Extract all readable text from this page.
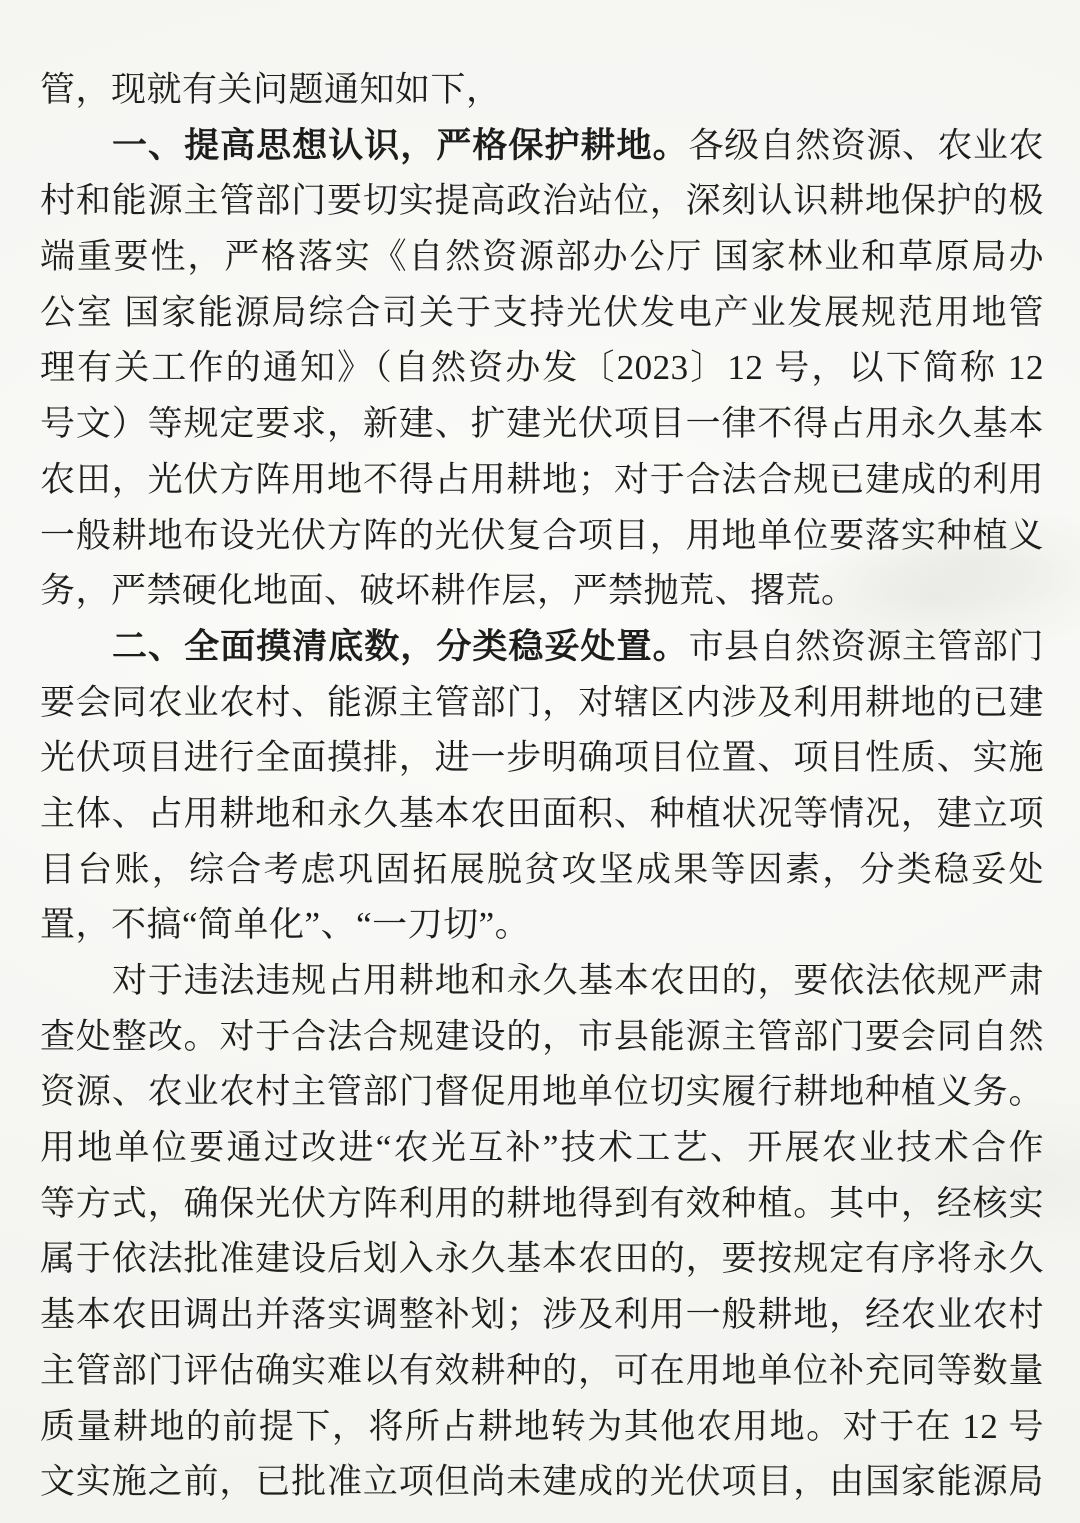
管，现就有关问题通知如下，
一、提高思想认识，严格保护耕地。各级自然资源、农业农
村和能源主管部门要切实提高政治站位，深刻认识耕地保护的极
端重要性，严格落实《自然资源部办公厅 国家林业和草原局办
公室 国家能源局综合司关于支持光伏发电产业发展规范用地管
理有关工作的通知》（自然资办发〔2023〕12 号，以下简称 12
号文）等规定要求，新建、扩建光伏项目一律不得占用永久基本
农田，光伏方阵用地不得占用耕地；对于合法合规已建成的利用
一般耕地布设光伏方阵的光伏复合项目，用地单位要落实种植义
务，严禁硬化地面、破坏耕作层，严禁抛荒、撂荒。
二、全面摸清底数，分类稳妥处置。市县自然资源主管部门
要会同农业农村、能源主管部门，对辖区内涉及利用耕地的已建
光伏项目进行全面摸排，进一步明确项目位置、项目性质、实施
主体、占用耕地和永久基本农田面积、种植状况等情况，建立项
目台账，综合考虑巩固拓展脱贫攻坚成果等因素，分类稳妥处
置，不搞“简单化”、“一刀切”。
对于违法违规占用耕地和永久基本农田的，要依法依规严肃
查处整改。对于合法合规建设的，市县能源主管部门要会同自然
资源、农业农村主管部门督促用地单位切实履行耕地种植义务。
用地单位要通过改进“农光互补”技术工艺、开展农业技术合作
等方式，确保光伏方阵利用的耕地得到有效种植。其中，经核实
属于依法批准建设后划入永久基本农田的，要按规定有序将永久
基本农田调出并落实调整补划；涉及利用一般耕地，经农业农村
主管部门评估确实难以有效耕种的，可在用地单位补充同等数量
质量耕地的前提下，将所占耕地转为其他农用地。对于在 12 号
文实施之前，已批准立项但尚未建成的光伏项目，由国家能源局
